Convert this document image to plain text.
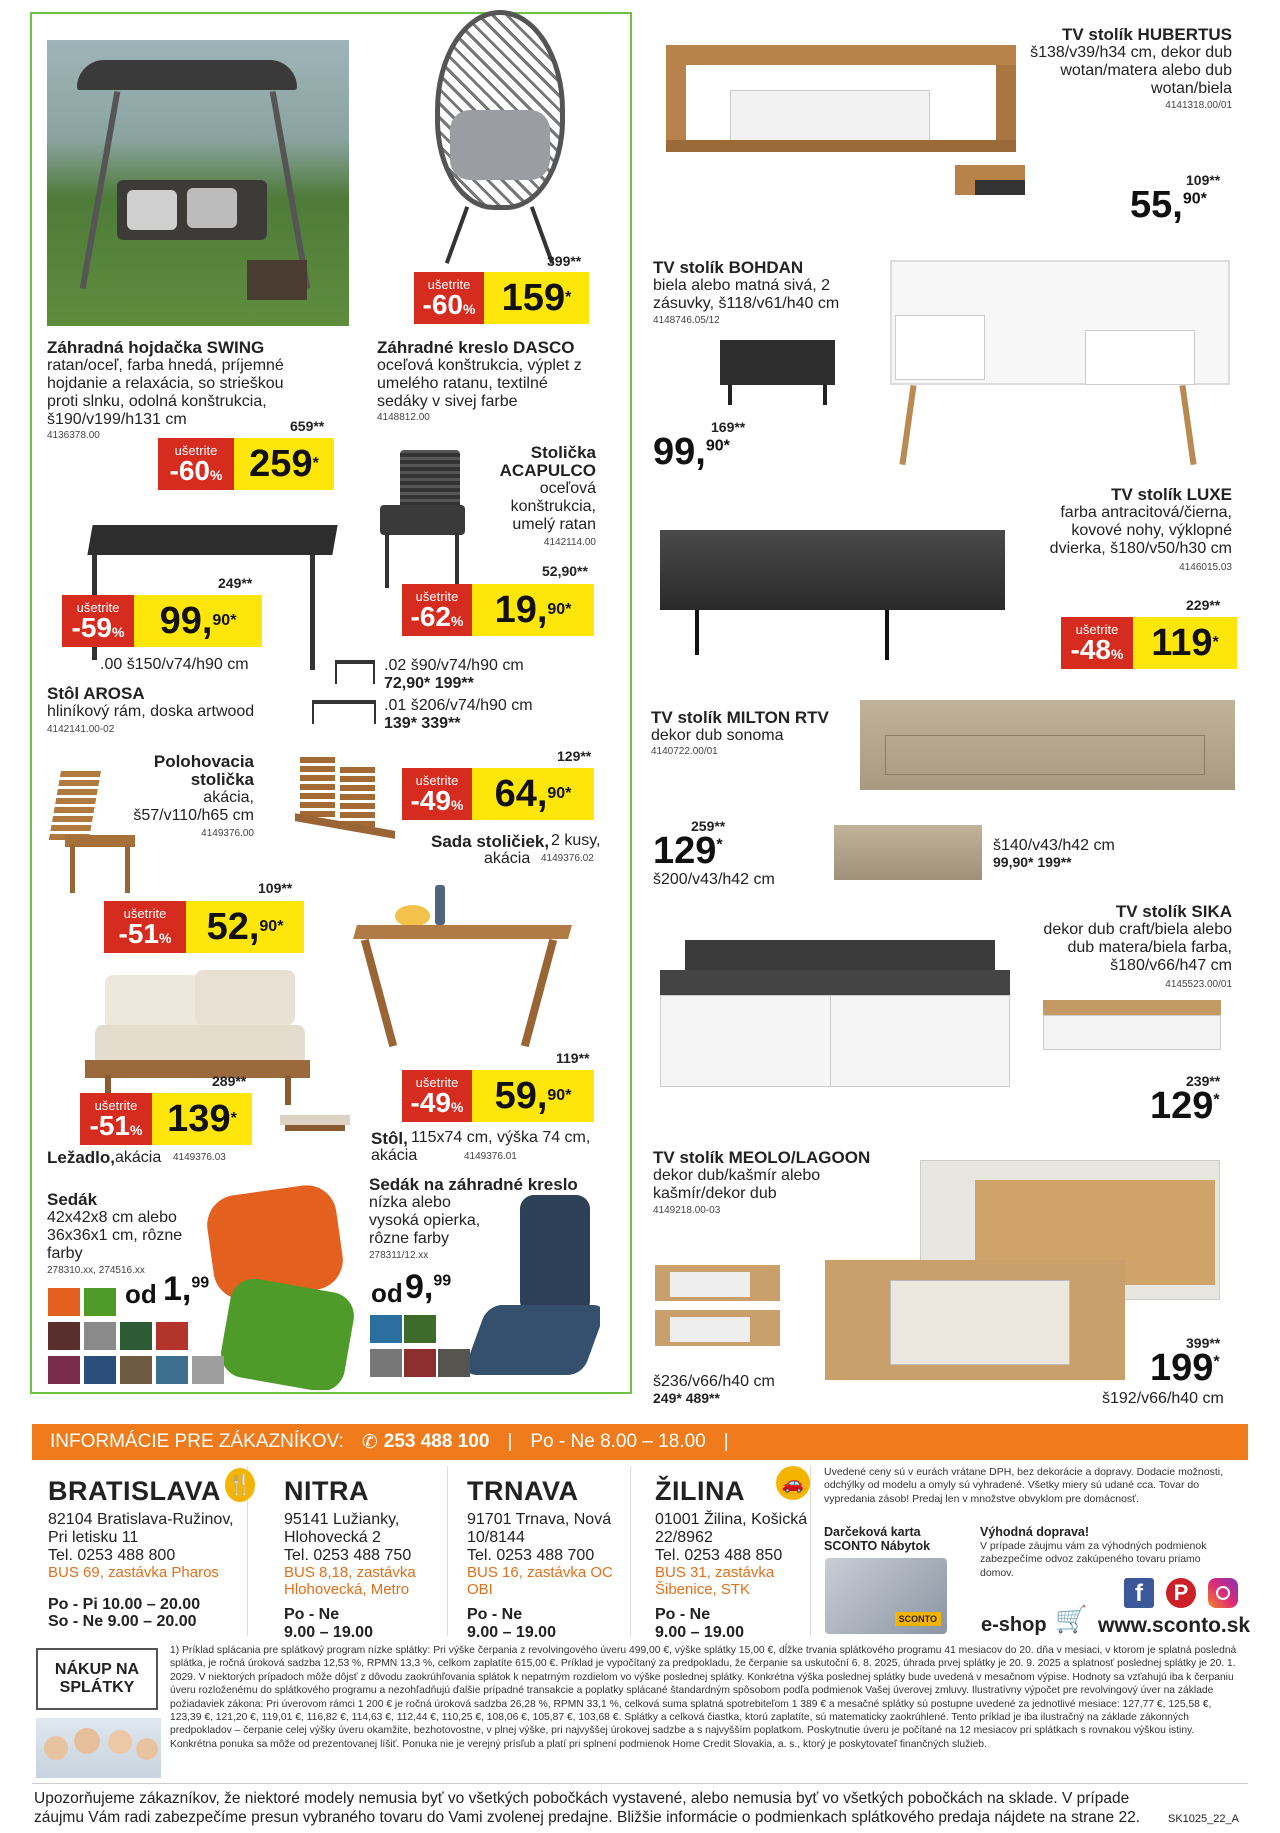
Záhradná hojdačka SWING
ratan/oceľ, farba hnedá, príjemné hojdanie a relaxácia, so strieškou proti slnku, odolná konštrukcia, š190/v199/h131 cm
4136378.00
659**
ušetrite
-60% 259 *
399**
ušetrite
-60% 159 *
Záhradné kreslo DASCO
oceľová konštrukcia, výplet z umelého ratanu, textilné sedáky v sivej farbe
4148812.00
Stolička
ACAPULCO
oceľová konštrukcia, umelý ratan
4142114.00
52,90**
ušetrite
-62% 19, 90*
249**
ušetrite
-59% 99, 90*
.00 š150/v74/h90 cm
Stôl AROSA
hliníkový rám, doska artwood
4142141.00-02
.02 š90/v74/h90 cm
72,90* 199**
.01 š206/v74/h90 cm
139* 339**
Polohovacia
stolička
akácia, š57/v110/h65 cm
4149376.00
109**
ušetrite
-51% 52, 90*
129**
ušetrite
-49% 64, 90*
Sada stoličiek, 2 kusy,
akácia 4149376.02
289**
ušetrite
-51% 139 *
Ležadlo, akácia 4149376.03
119**
ušetrite
-49% 59, 90*
Stôl, 115x74 cm, výška 74 cm, akácia	4149376.01
Sedák
42x42x8 cm alebo 36x36x1 cm, rôzne farby
278310.xx, 274516.xx
od 1,99
Sedák na záhradné kreslo
nízka alebo vysoká opierka, rôzne farby
278311/12.xx
od 9,99
TV stolík HUBERTUS
š138/v39/h34 cm, dekor dub wotan/matera alebo dub wotan/biela
4141318.00/01
109**
55,$^{90*}$
TV stolík BOHDAN
biela alebo matná sivá, 2 zásuvky, š118/v61/h40 cm
4148746.05/12
169**
99,$^{90*}$
TV stolík LUXE
farba antracitová/čierna, kovové nohy, výklopné dvierka, š180/v50/h30 cm
4146015.03
229**
ušetrite
-48% 119 *
TV stolík MILTON RTV
dekor dub sonoma
4140722.00/01
259**
129*
š200/v43/h42 cm
š140/v43/h42 cm
99,90* 199**
TV stolík SIKA
dekor dub craft/biela alebo dub matera/biela farba, š180/v66/h47 cm
4145523.00/01
239**
129*
TV stolík MEOLO/LAGOON
dekor dub/kašmír alebo kašmír/dekor dub
4149218.00-03
š236/v66/h40 cm
249* 489**
399**
199*
š192/v66/h40 cm
INFORMÁCIE PRE ZÁKAZNÍKOV: ✆ 253 488 100 | Po - Ne 8.00 – 18.00 |
BRATISLAVA
82104 Bratislava-Ružinov, Pri letisku 11
Tel. 0253 488 800
BUS 69, zastávka Pharos
Po - Pi 10.00 – 20.00
So - Ne 9.00 – 20.00
🍴 NITRA
95141 Lužianky, Hlohovecká 2
Tel. 0253 488 750
BUS 8,18, zastávka Hlohovecká, Metro
Po - Ne
9.00 – 19.00
TRNAVA
91701 Trnava, Nová 10/8144
Tel. 0253 488 700
BUS 16, zastávka OC OBI
Po - Ne
9.00 – 19.00
ŽILINA
01001 Žilina, Košická 22/8962
Tel. 0253 488 850
BUS 31, zastávka Šibenice, STK
Po - Ne
9.00 – 19.00
🚗
Uvedené ceny sú v eurách vrátane DPH, bez dekorácie a dopravy. Dodacie možnosti, odchýlky od modelu a omyly sú vyhradené. Všetky miery sú udané cca. Tovar do vypredania zásob! Predaj len v množstve obvyklom pre domácnosť.
Darčeková karta SCONTO Nábytok
SCONTO
Výhodná doprava!
V prípade záujmu vám za výhodných podmienok zabezpečíme odvoz zakúpeného tovaru priamo domov.
f	P
e-shop 🛒 www.sconto.sk
NÁKUP NA SPLÁTKY
1) Príklad splácania pre splátkový program nízke splátky: Pri výške čerpania z revolvingového úveru 499,00 €, výške splátky 15,00 €, dĺžke trvania splátkového programu 41 mesiacov do 20. dňa v mesiaci, v ktorom je splatná posledná splátka, je ročná úroková sadzba 12,53 %, RPMN 13,3 %, celkom zaplatíte 615,00 €. Príklad je vypočítaný za predpokladu, že čerpanie sa uskutoční 6. 8. 2025, úhrada prvej splátky je 20. 9. 2025 a splatnosť poslednej splátky je 20. 1. 2029. V niektorých prípadoch môže dôjsť z dôvodu zaokrúhľovania splátok k nepatrným rozdielom vo výške poslednej splátky. Konkrétna výška poslednej splátky bude uvedená v mesačnom výpise. Hodnoty sa vzťahujú iba k čerpaniu úveru rozloženému do splátkového programu a nezohľadňujú ďalšie prípadné transakcie a poplatky splácané štandardným spôsobom podľa podmienok Vašej úverovej zmluvy. Ilustratívny výpočet pre revolvingový úver na základe požiadaviek zákona: Pri úverovom rámci 1 200 € je ročná úroková sadzba 26,28 %, RPMN 33,1 %, celková suma splatná spotrebiteľom 1 389 € a mesačné splátky sú postupne uvedené za jednotlivé mesiace: 127,77 €, 125,58 €, 123,39 €, 121,20 €, 119,01 €, 116,82 €, 114,63 €, 112,44 €, 110,25 €, 108,06 €, 105,87 €, 103,68 €. Splátky a celková čiastka, ktorú zaplatíte, sú matematicky zaokrúhlené. Tento príklad je iba ilustračný na základe zákonných predpokladov – čerpanie celej výšky úveru okamžite, bezhotovostne, v plnej výške, pri najvyššej úrokovej sadzbe a s najvyšším poplatkom. Poskytnutie úveru je počítané na 12 mesiacov pri splátkach s rovnakou výškou istiny. Konkrétna ponuka sa môže od prezentovanej líšiť. Ponuka nie je verejný prísľub a platí pri splnení podmienok Home Credit Slovakia, a. s., ktorý je poskytovateľ finančných služieb.
Upozorňujeme zákazníkov, že niektoré modely nemusia byť vo všetkých pobočkách vystavené, alebo nemusia byť vo všetkých pobočkách na sklade. V prípade záujmu Vám radi zabezpečíme presun vybraného tovaru do Vami zvolenej predajne. Bližšie informácie o podmienkach splátkového predaja nájdete na strane 22.	SK1025_22_A
